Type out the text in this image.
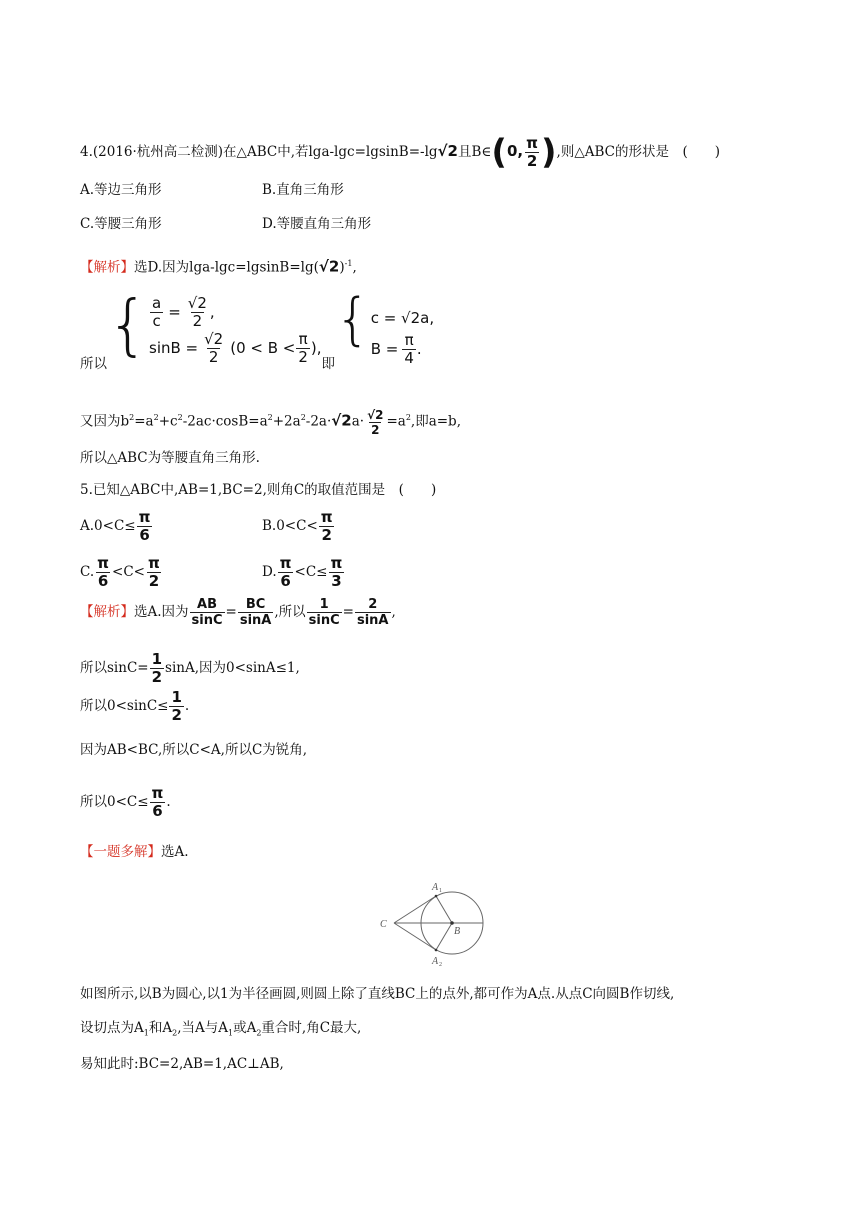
4.(2016·杭州高二检测)在△ABC中,若lga-lgc=lgsinB=-lg√2且B∈(0, $\frac{\pi}{2}$ ),则△ABC的形状是　(　　)
A.等边三角形	B.直角三角形
C.等腰三角形	D.等腰直角三角形
【解析】选D.因为lga-$\lg c=lgsinB=\lg(√2)^{-1}$,
所以{ $\frac{a}{c} = \frac{√2}{2}$ ,
$\sin B = \frac{√2}{2} (0 < B < \frac{\pi}{2}$ ),
即{ c = √2a,
$B = \frac{\pi}{4}$ .
又因为$b^2=a^2+c^2-2ac\cdot\cos B=a^2+2a^2-2a\cdot√2a\cdot \frac{√2}{2} =a^2$,即a=b,
所以△ABC为等腰直角三角形.
5.已知△ABC中,AB=1,BC=2,则角C的取值范围是　(　　)
$A.0<C\le \frac{\pi}{6}$	$B.0<C< \frac{\pi}{2}$
C. $\frac{\pi}{6} <C< \frac{\pi}{2}$	D. $\frac{\pi}{6} <C\le \frac{\pi}{3}$
【解析】选A.因为 $\frac{AB}{\sin C} = \frac{BC}{\sin A}$ ,所以 $\frac{1}{\sin C} = \frac{2}{\sin A}$ ,
所以$\sin C= \frac{1}{2} \sin A$,因为0<sinA≤1,
所以$0<\sin C\le \frac{1}{2}$ .
因为AB<BC,所以C<A,所以C为锐角,
所以$0<C\le \frac{\pi}{6}$ .
【一题多解】选A.
C
B
A 1
A 2
如图所示,以B为圆心,以1为半径画圆,则圆上除了直线BC上的点外,都可作为A点.从点C向圆B作切线,
设切点为$A_1$和$A_2$,当A与$A_1$或$A_2$重合时,角C最大,
易知此时:BC=2,AB=1,AC⊥AB,
